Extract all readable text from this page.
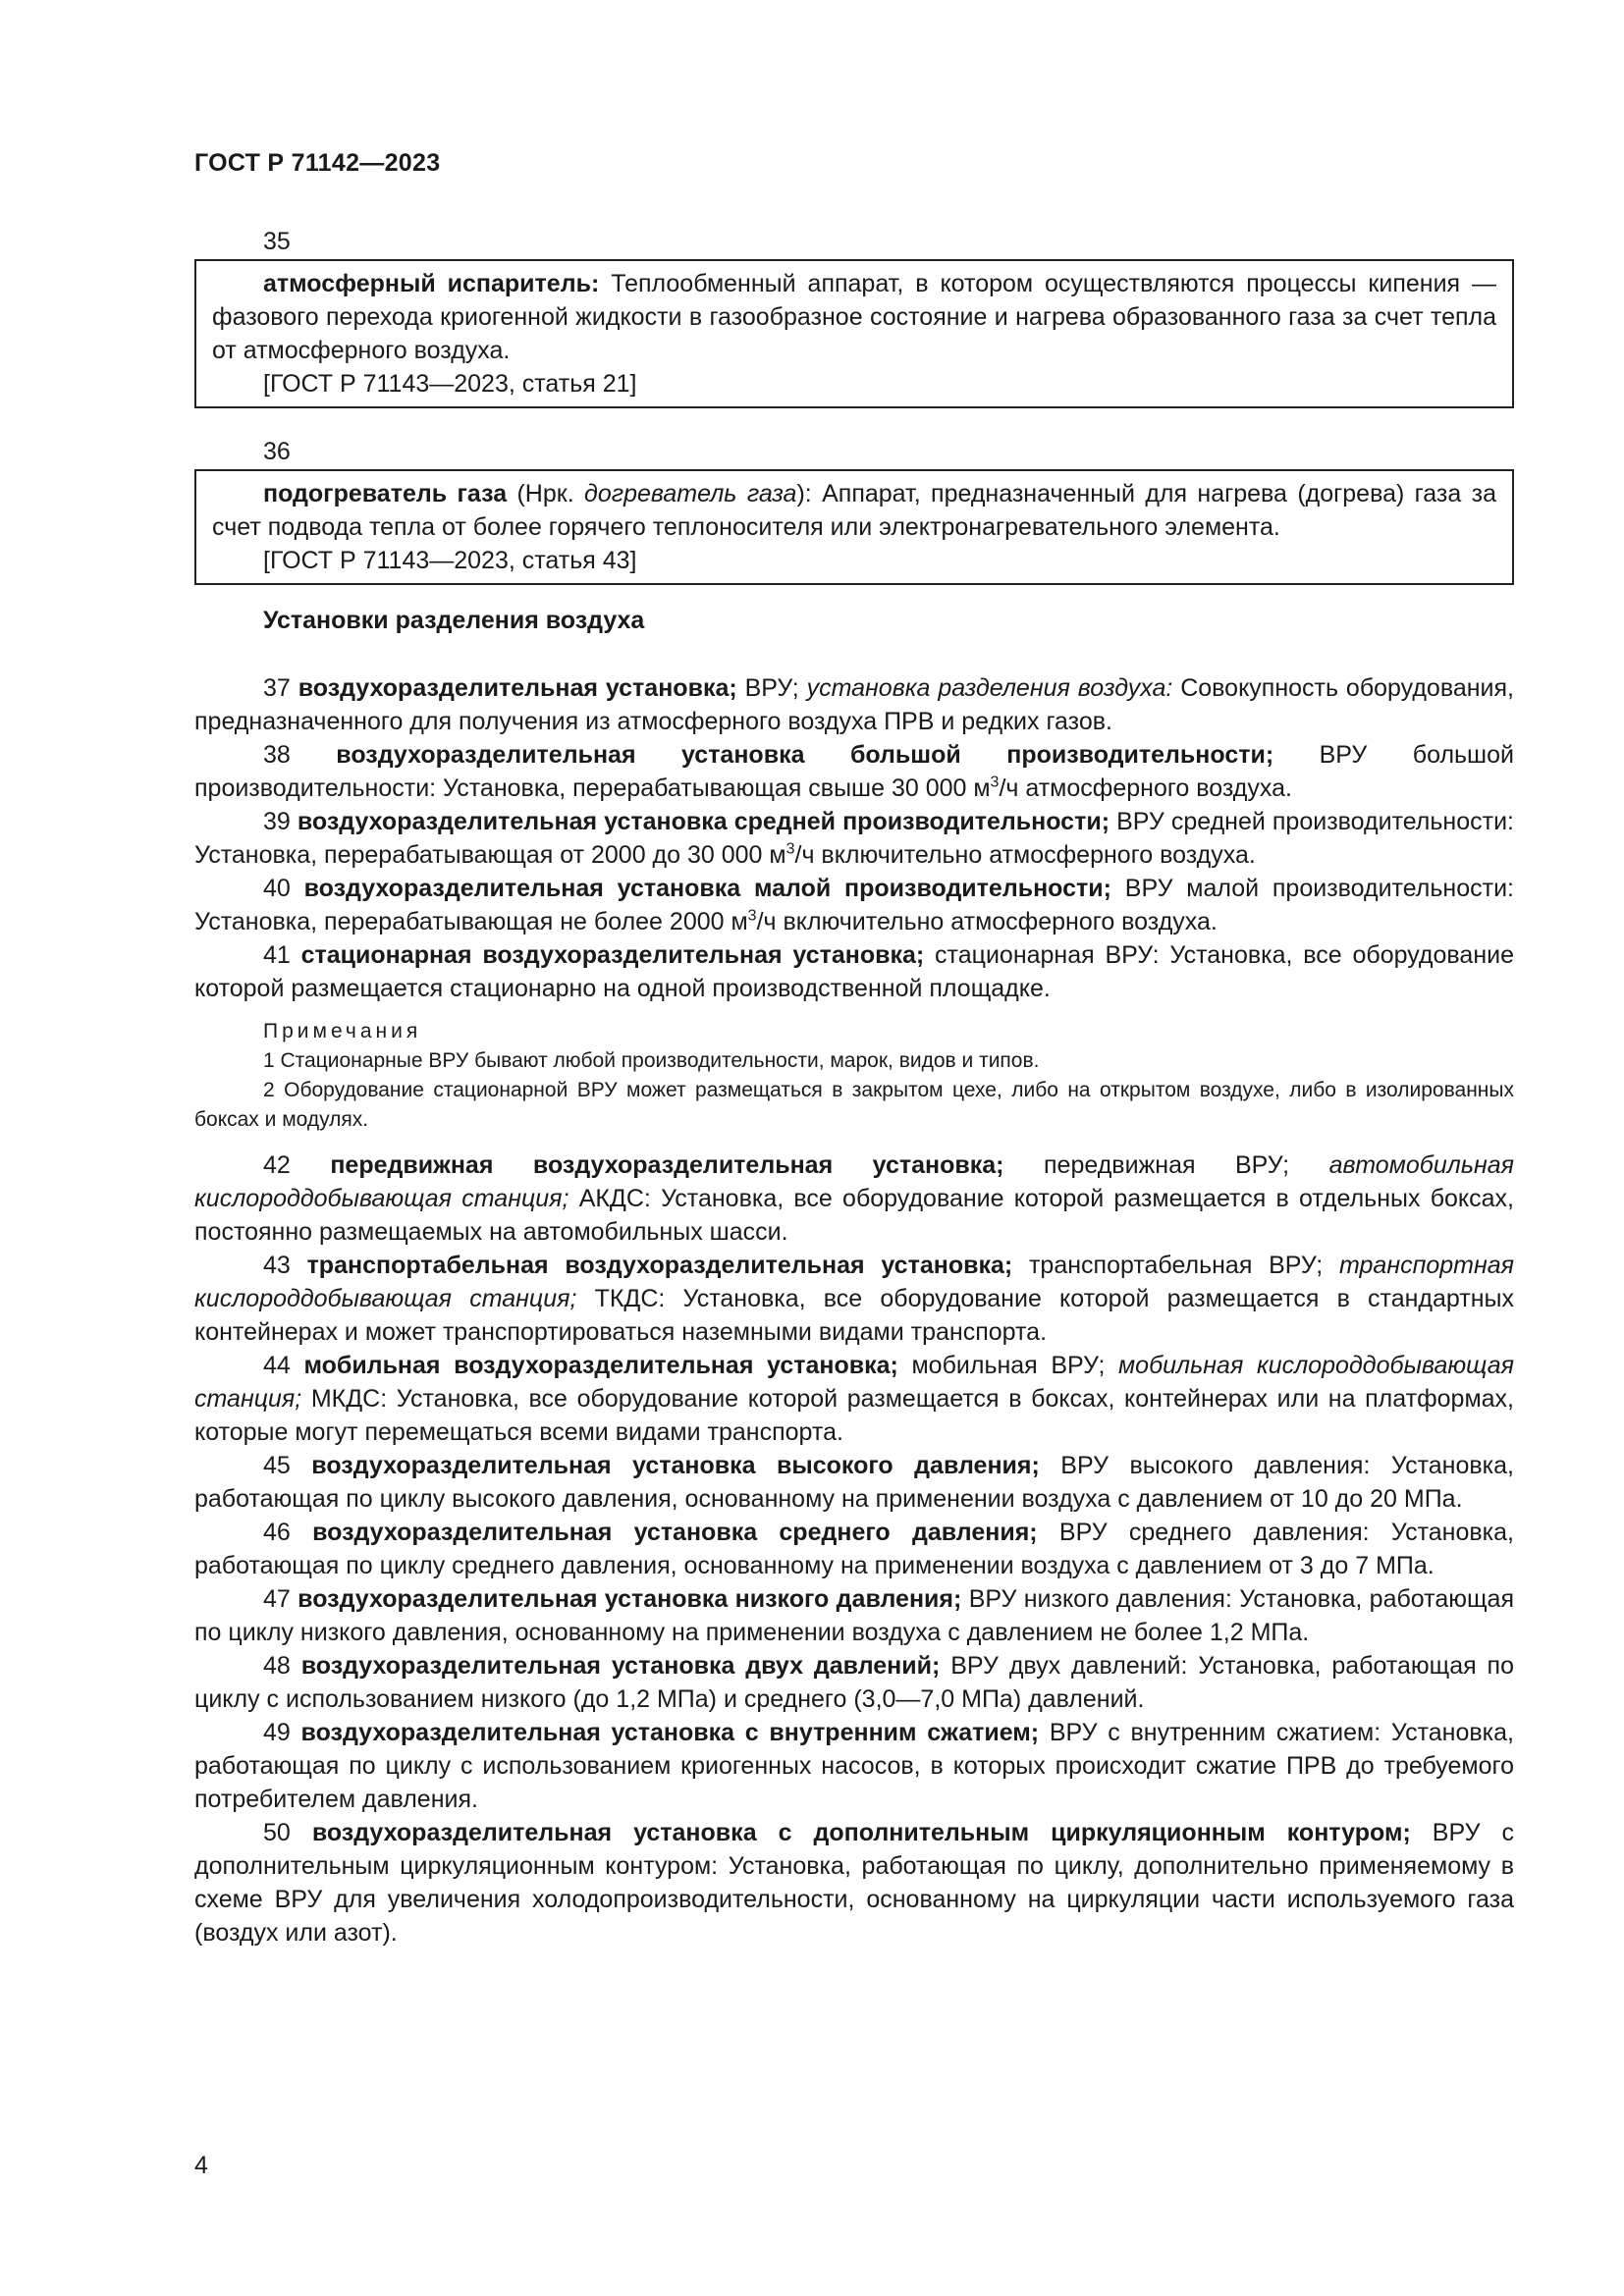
ГОСТ Р 71142—2023
35

атмосферный испаритель: Теплообменный аппарат, в котором осуществляются процессы кипения — фазового перехода криогенной жидкости в газообразное состояние и нагрева образованного газа за счет тепла от атмосферного воздуха.

[ГОСТ Р 71143—2023, статья 21]

36

подогреватель газа (Нрк. догреватель газа): Аппарат, предназначенный для нагрева (догрева) газа за счет подвода тепла от более горячего теплоносителя или электронагревательного элемента.

[ГОСТ Р 71143—2023, статья 43]

Установки разделения воздуха

37 воздухоразделительная установка; ВРУ; установка разделения воздуха: Совокупность оборудования, предназначенного для получения из атмосферного воздуха ПРВ и редких газов.

38 воздухоразделительная установка большой производительности; ВРУ большой производительности: Установка, перерабатывающая свыше 30 000 $м^3/ч$ атмосферного воздуха.

39 воздухоразделительная установка средней производительности; ВРУ средней производительности: Установка, перерабатывающая от 2000 до 30 000 $м^3/ч$ включительно атмосферного воздуха.

40 воздухоразделительная установка малой производительности; ВРУ малой производительности: Установка, перерабатывающая не более 2000 $м^3/ч$ включительно атмосферного воздуха.

41 стационарная воздухоразделительная установка; стационарная ВРУ: Установка, все оборудование которой размещается стационарно на одной производственной площадке.

Примечания

1 Стационарные ВРУ бывают любой производительности, марок, видов и типов.

2 Оборудование стационарной ВРУ может размещаться в закрытом цехе, либо на открытом воздухе, либо в изолированных боксах и модулях.

42 передвижная воздухоразделительная установка; передвижная ВРУ; автомобильная кислороддобывающая станция; АКДС: Установка, все оборудование которой размещается в отдельных боксах, постоянно размещаемых на автомобильных шасси.

43 транспортабельная воздухоразделительная установка; транспортабельная ВРУ; транспортная кислороддобывающая станция; ТКДС: Установка, все оборудование которой размещается в стандартных контейнерах и может транспортироваться наземными видами транспорта.

44 мобильная воздухоразделительная установка; мобильная ВРУ; мобильная кислороддобывающая станция; МКДС: Установка, все оборудование которой размещается в боксах, контейнерах или на платформах, которые могут перемещаться всеми видами транспорта.

45 воздухоразделительная установка высокого давления; ВРУ высокого давления: Установка, работающая по циклу высокого давления, основанному на применении воздуха с давлением от 10 до 20 МПа.

46 воздухоразделительная установка среднего давления; ВРУ среднего давления: Установка, работающая по циклу среднего давления, основанному на применении воздуха с давлением от 3 до 7 МПа.

47 воздухоразделительная установка низкого давления; ВРУ низкого давления: Установка, работающая по циклу низкого давления, основанному на применении воздуха с давлением не более 1,2 МПа.

48 воздухоразделительная установка двух давлений; ВРУ двух давлений: Установка, работающая по циклу с использованием низкого (до 1,2 МПа) и среднего (3,0—7,0 МПа) давлений.

49 воздухоразделительная установка с внутренним сжатием; ВРУ с внутренним сжатием: Установка, работающая по циклу с использованием криогенных насосов, в которых происходит сжатие ПРВ до требуемого потребителем давления.

50 воздухоразделительная установка с дополнительным циркуляционным контуром; ВРУ с дополнительным циркуляционным контуром: Установка, работающая по циклу, дополнительно применяемому в схеме ВРУ для увеличения холодопроизводительности, основанному на циркуляции части используемого газа (воздух или азот).

4
